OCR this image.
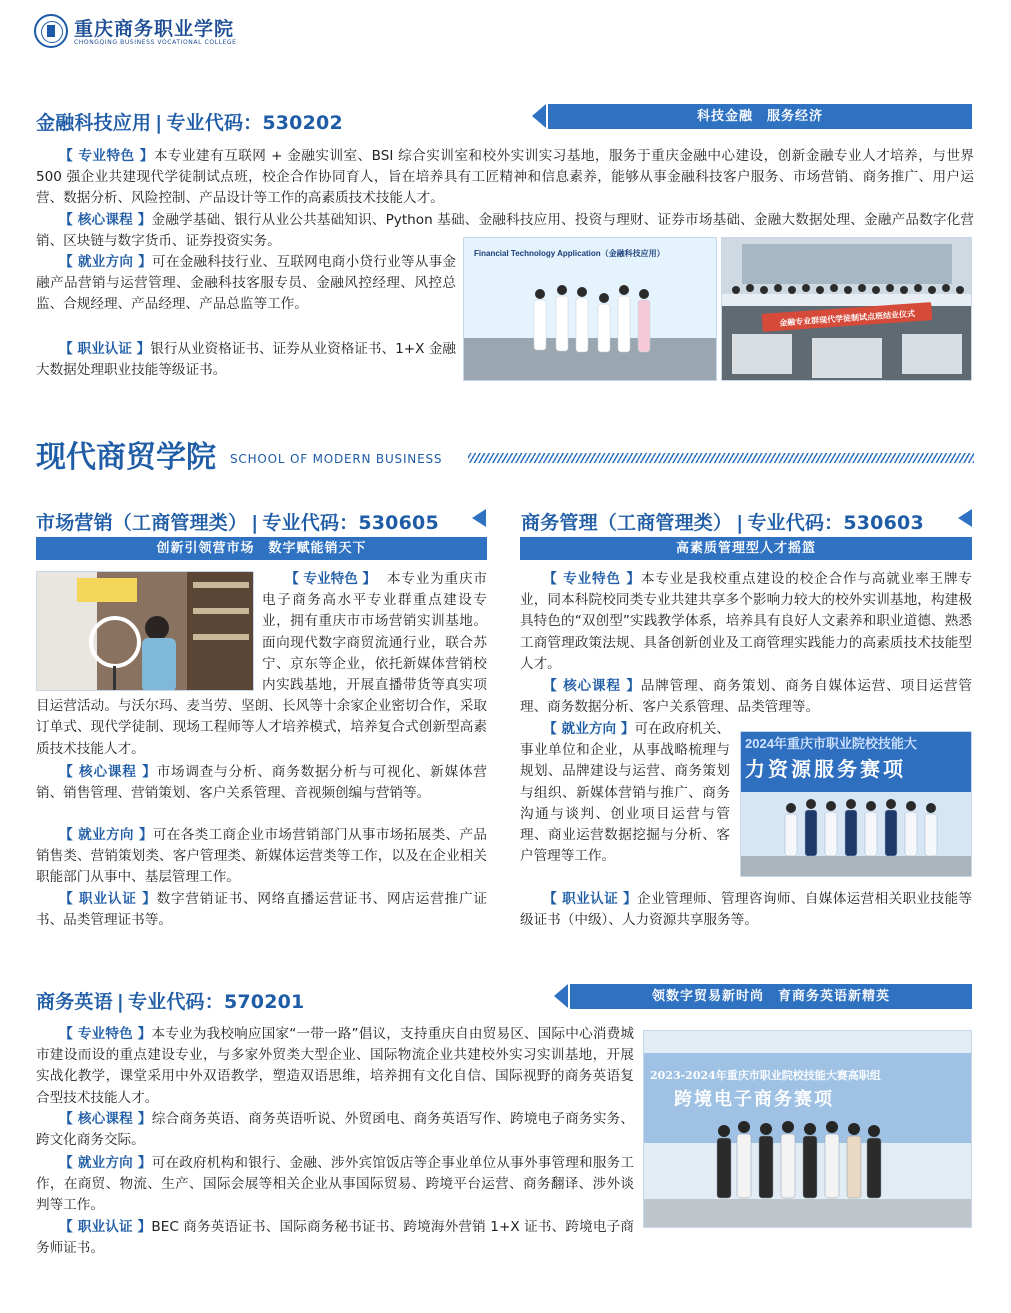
重庆商务职业学院
CHONGQING BUSINESS VOCATIONAL COLLEGE
金融科技应用 | 专业代码：530202	科技金融　服务经济

【 专业特色 】本专业建有互联网 + 金融实训室、BSI 综合实训室和校外实训实习基地，服务于重庆金融中心建设，创新金融专业人才培养，与世界 500 强企业共建现代学徒制试点班，校企合作协同育人，旨在培养具有工匠精神和信息素养，能够从事金融科技客户服务、市场营销、商务推广、用户运营、数据分析、风险控制、产品设计等工作的高素质技术技能人才。

【 核心课程 】金融学基础、银行从业公共基础知识、Python 基础、金融科技应用、投资与理财、证券市场基础、金融大数据处理、金融产品数字化营销、区块链与数字货币、证券投资实务。

【 就业方向 】可在金融科技行业、互联网电商小贷行业等从事金融产品营销与运营管理、金融科技客服专员、金融风控经理、风控总监、合规经理、产品经理、产品总监等工作。

【 职业认证 】银行从业资格证书、证券从业资格证书、1+X 金融大数据处理职业技能等级证书。

Financial Technology Application（金融科技应用）
金融专业群现代学徒制试点班结业仪式
现代商贸学院 SCHOOL OF MODERN BUSINESS
市场营销（工商管理类） | 专业代码：530605
创新引领营市场　数字赋能销天下

【 专业特色 】 本专业为重庆市电子商务高水平专业群重点建设专业，拥有重庆市市场营销实训基地。面向现代数字商贸流通行业，联合苏宁、京东等企业，依托新媒体营销校内实践基地，开展直播带货等真实项目运营活动。与沃尔玛、麦当劳、坚朗、长风等十余家企业密切合作，采取订单式、现代学徒制、现场工程师等人才培养模式，培养复合式创新型高素质技术技能人才。

【 核心课程 】市场调查与分析、商务数据分析与可视化、新媒体营销、销售管理、营销策划、客户关系管理、音视频创编与营销等。

【 就业方向 】可在各类工商企业市场营销部门从事市场拓展类、产品销售类、营销策划类、客户管理类、新媒体运营类等工作，以及在企业相关职能部门从事中、基层管理工作。

【 职业认证 】数字营销证书、网络直播运营证书、网店运营推广证书、品类管理证书等。

商务管理（工商管理类） | 专业代码：530603
高素质管理型人才摇篮

【 专业特色 】本专业是我校重点建设的校企合作与高就业率王牌专业，同本科院校同类专业共建共享多个影响力较大的校外实训基地，构建极具特色的“双创型”实践教学体系，培养具有良好人文素养和职业道德、熟悉工商管理政策法规、具备创新创业及工商管理实践能力的高素质技术技能型人才。

【 核心课程 】品牌管理、商务策划、商务自媒体运营、项目运营管理、商务数据分析、客户关系管理、品类管理等。

【 就业方向 】可在政府机关、事业单位和企业，从事战略梳理与规划、品牌建设与运营、商务策划与组织、新媒体营销与推广、商务沟通与谈判、创业项目运营与管理、商业运营数据挖掘与分析、客户管理等工作。

2024年重庆市职业院校技能大
力资源服务赛项

【 职业认证 】企业管理师、管理咨询师、自媒体运营相关职业技能等级证书（中级）、人力资源共享服务等。

商务英语 | 专业代码：570201	领数字贸易新时尚　育商务英语新精英

【 专业特色 】本专业为我校响应国家“一带一路”倡议，支持重庆自由贸易区、国际中心消费城市建设而设的重点建设专业，与多家外贸类大型企业、国际物流企业共建校外实习实训基地，开展实战化教学，课堂采用中外双语教学，塑造双语思维，培养拥有文化自信、国际视野的商务英语复合型技术技能人才。

【 核心课程 】综合商务英语、商务英语听说、外贸函电、商务英语写作、跨境电子商务实务、跨文化商务交际。

【 就业方向 】可在政府机构和银行、金融、涉外宾馆饭店等企事业单位从事外事管理和服务工作，在商贸、物流、生产、国际会展等相关企业从事国际贸易、跨境平台运营、商务翻译、涉外谈判等工作。

【 职业认证 】BEC 商务英语证书、国际商务秘书证书、跨境海外营销 1+X 证书、跨境电子商务师证书。

2023-2024年重庆市职业院校技能大赛高职组
跨境电子商务赛项
